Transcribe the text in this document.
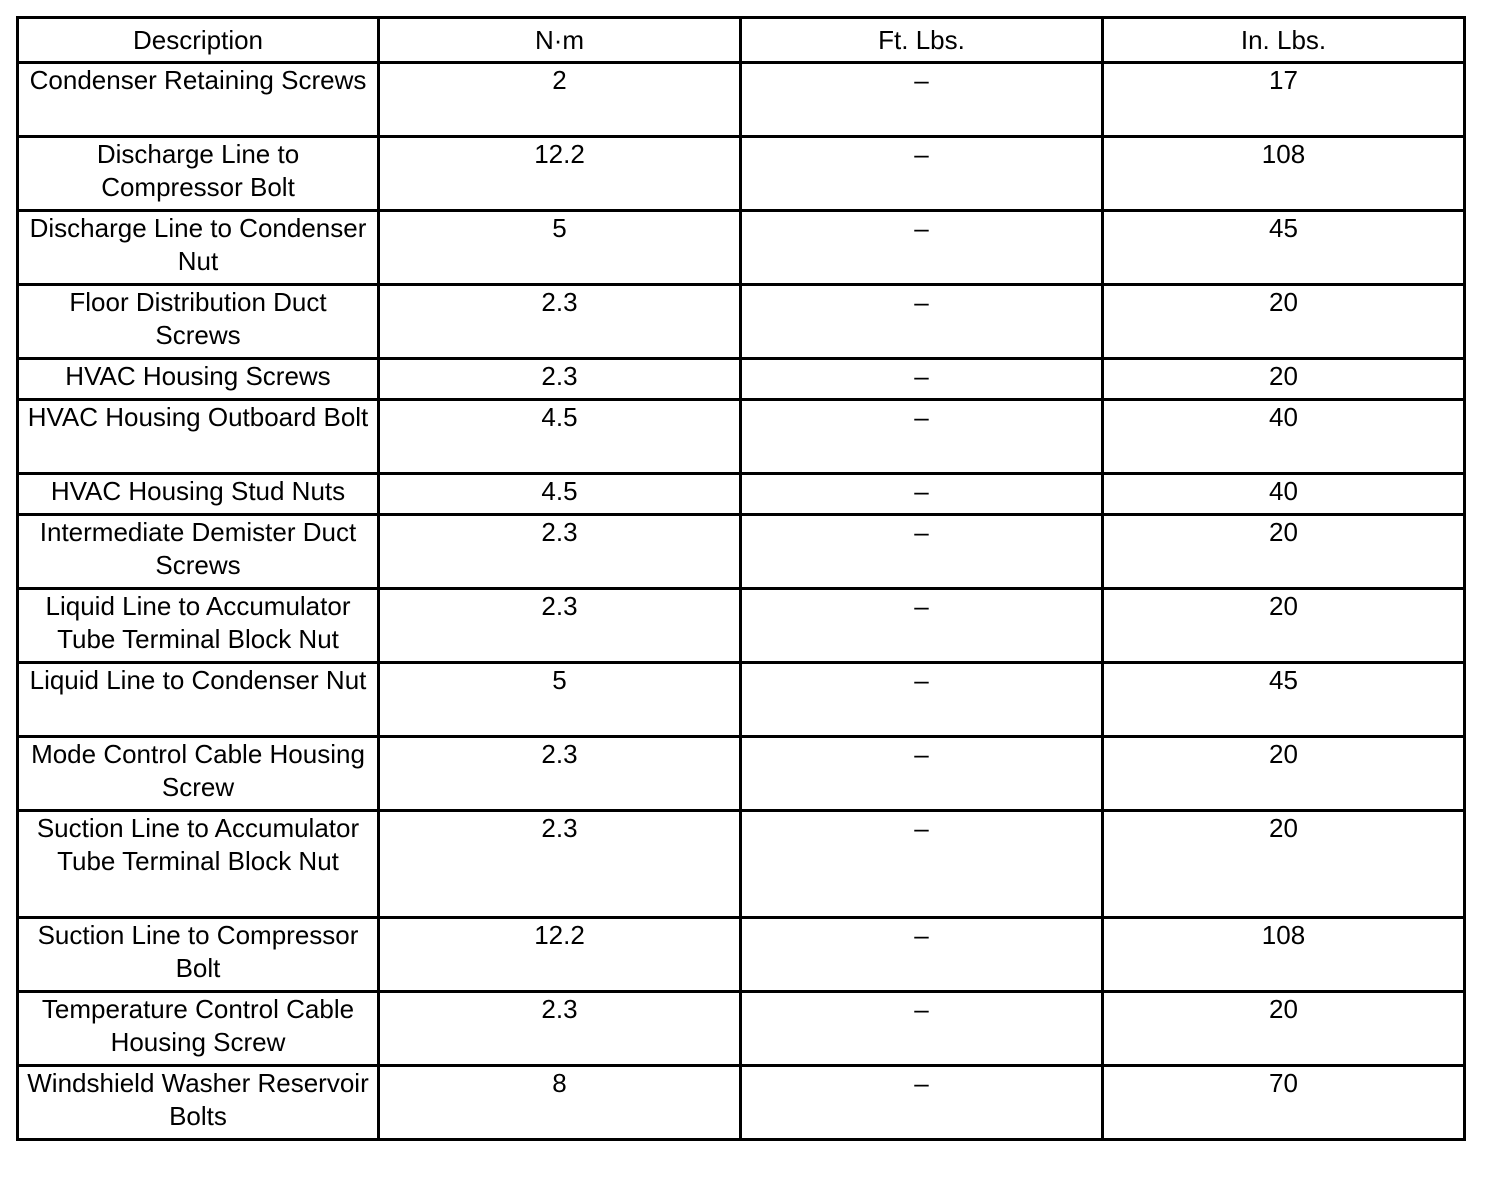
Description	N·m	Ft. Lbs.	In. Lbs.
Condenser Retaining Screws	2	–	17
Discharge Line to Compressor Bolt	12.2	–	108
Discharge Line to Condenser Nut	5	–	45
Floor Distribution Duct Screws	2.3	–	20
HVAC Housing Screws	2.3	–	20
HVAC Housing Outboard Bolt	4.5	–	40
HVAC Housing Stud Nuts	4.5	–	40
Intermediate Demister Duct Screws	2.3	–	20
Liquid Line to Accumulator Tube Terminal Block Nut	2.3	–	20
Liquid Line to Condenser Nut	5	–	45
Mode Control Cable Housing Screw	2.3	–	20
Suction Line to Accumulator Tube Terminal Block Nut	2.3	–	20
Suction Line to Compressor Bolt	12.2	–	108
Temperature Control Cable Housing Screw	2.3	–	20
Windshield Washer Reservoir Bolts	8	–	70
